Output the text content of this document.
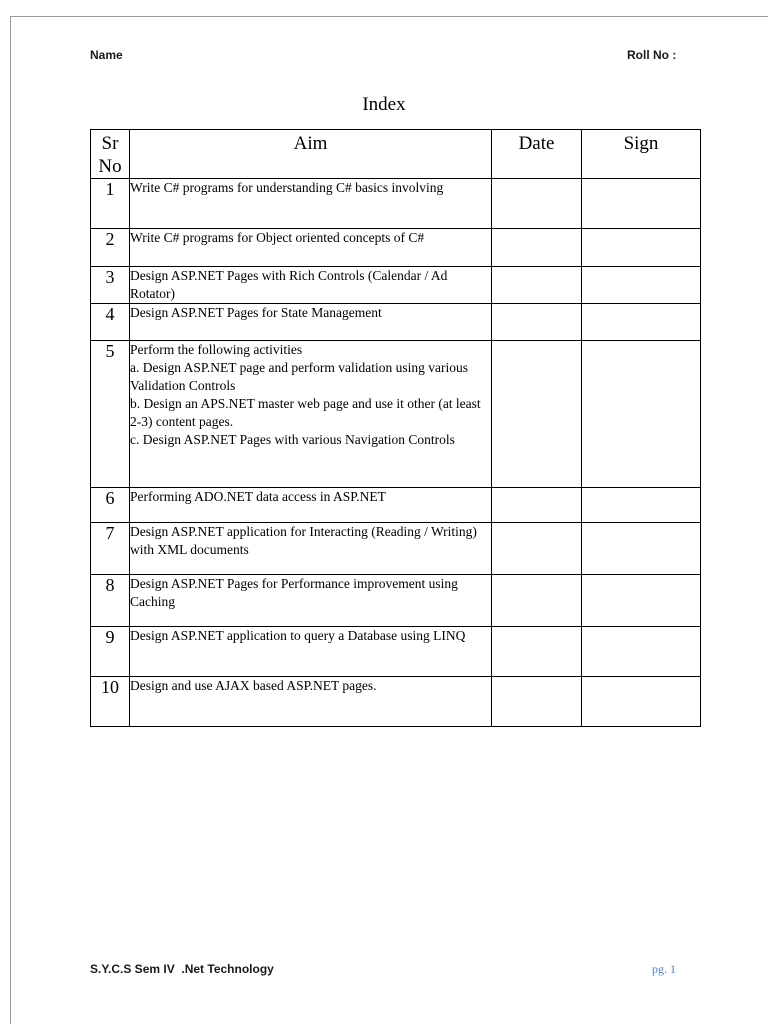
Name	Roll No :
Index
Sr
No	Aim	Date	Sign
1	Write C# programs for understanding C# basics involving		
2	Write C# programs for Object oriented concepts of C#		
3	Design ASP.NET Pages with Rich Controls (Calendar / Ad Rotator)		
4	Design ASP.NET Pages for State Management		
5	Perform the following activities
a. Design ASP.NET page and perform validation using various Validation Controls
b. Design an APS.NET master web page and use it other (at least 2-3) content pages.
c. Design ASP.NET Pages with various Navigation Controls		
6	Performing ADO.NET data access in ASP.NET		
7	Design ASP.NET application for Interacting (Reading / Writing) with XML documents		
8	Design ASP.NET Pages for Performance improvement using Caching		
9	Design ASP.NET application to query a Database using LINQ		
10	Design and use AJAX based ASP.NET pages.		
S.Y.C.S Sem IV  .Net Technology	pg. 1
